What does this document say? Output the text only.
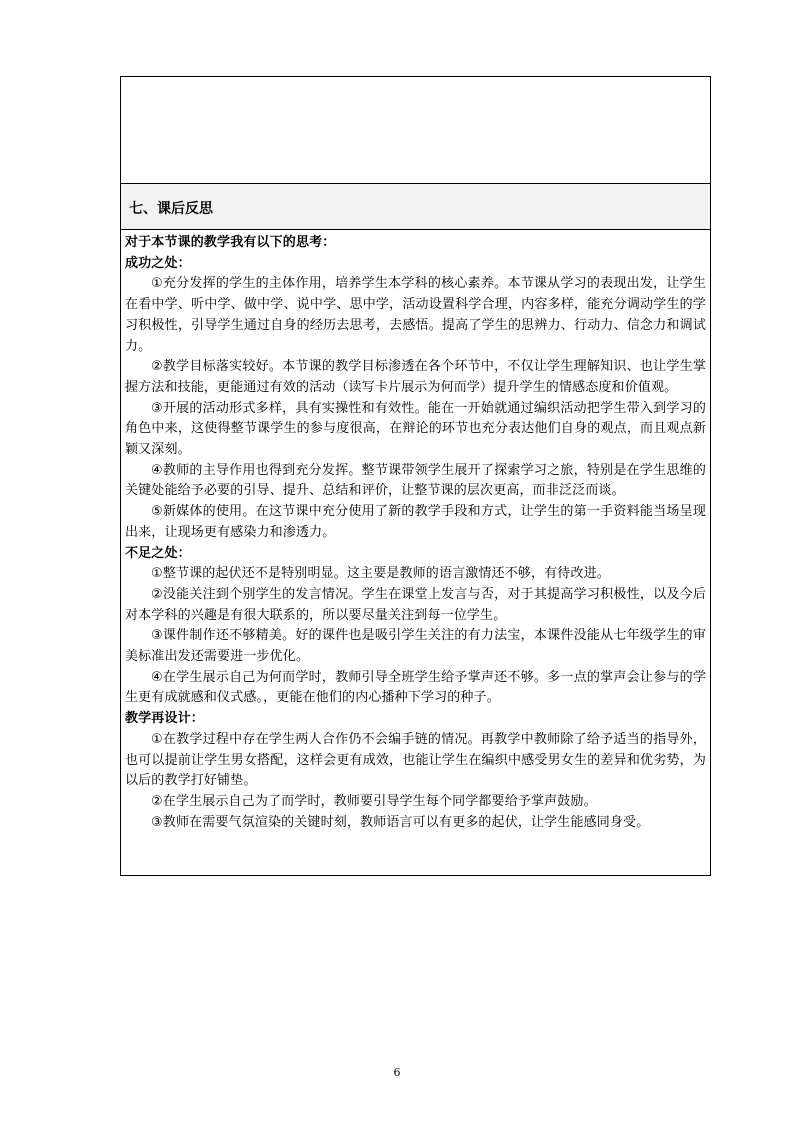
七、课后反思

对于本节课的教学我有以下的思考：

成功之处：

①充分发挥的学生的主体作用，培养学生本学科的核心素养。本节课从学习的表现出发，让学生在看中学、听中学、做中学、说中学、思中学，活动设置科学合理，内容多样，能充分调动学生的学习积极性，引导学生通过自身的经历去思考，去感悟。提高了学生的思辨力、行动力、信念力和调试力。

②教学目标落实较好。本节课的教学目标渗透在各个环节中，不仅让学生理解知识、也让学生掌握方法和技能，更能通过有效的活动（读写卡片展示为何而学）提升学生的情感态度和价值观。

③开展的活动形式多样，具有实操性和有效性。能在一开始就通过编织活动把学生带入到学习的角色中来，这使得整节课学生的参与度很高，在辩论的环节也充分表达他们自身的观点，而且观点新颖又深刻。

④教师的主导作用也得到充分发挥。整节课带领学生展开了探索学习之旅，特别是在学生思维的关键处能给予必要的引导、提升、总结和评价，让整节课的层次更高，而非泛泛而谈。

⑤新媒体的使用。在这节课中充分使用了新的教学手段和方式，让学生的第一手资料能当场呈现出来，让现场更有感染力和渗透力。

不足之处：

①整节课的起伏还不是特别明显。这主要是教师的语言激情还不够，有待改进。

②没能关注到个别学生的发言情况。学生在课堂上发言与否，对于其提高学习积极性，以及今后对本学科的兴趣是有很大联系的，所以要尽量关注到每一位学生。

③课件制作还不够精美。好的课件也是吸引学生关注的有力法宝，本课件没能从七年级学生的审美标准出发还需要进一步优化。

④在学生展示自己为何而学时，教师引导全班学生给予掌声还不够。多一点的掌声会让参与的学生更有成就感和仪式感。，更能在他们的内心播种下学习的种子。

教学再设计：

①在教学过程中存在学生两人合作仍不会编手链的情况。再教学中教师除了给予适当的指导外，也可以提前让学生男女搭配，这样会更有成效，也能让学生在编织中感受男女生的差异和优劣势，为以后的教学打好铺垫。

②在学生展示自己为了而学时，教师要引导学生每个同学都要给予掌声鼓励。

③教师在需要气氛渲染的关键时刻，教师语言可以有更多的起伏，让学生能感同身受。

6
